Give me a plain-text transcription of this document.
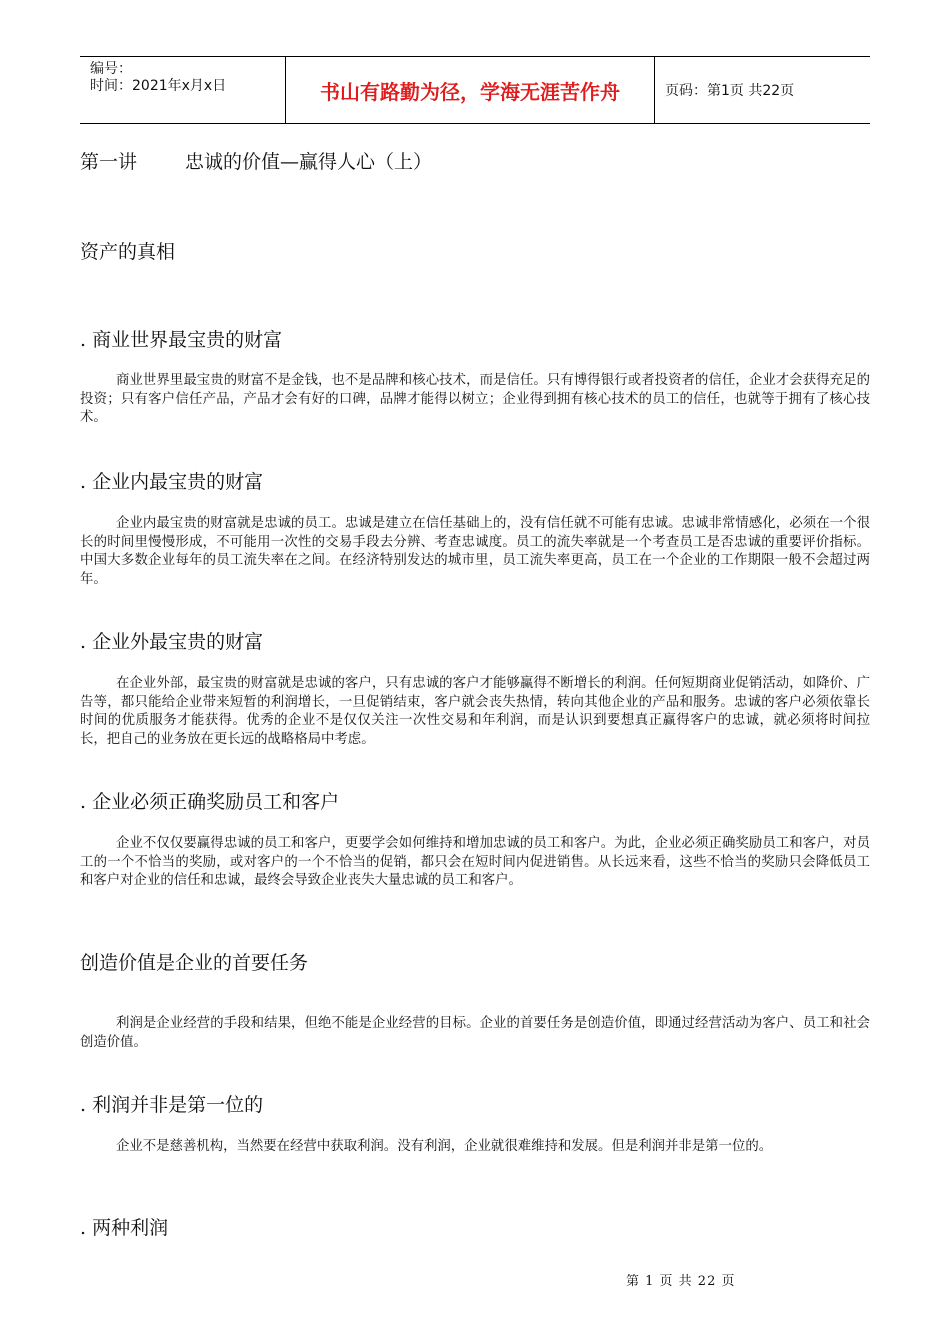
编号：
时间：2021年x月x日	书山有路勤为径，学海无涯苦作舟	页码：第1页 共22页
第一讲	忠诚的价值—赢得人心（上）
资产的真相
. 商业世界最宝贵的财富

商业世界里最宝贵的财富不是金钱，也不是品牌和核心技术，而是信任。只有博得银行或者投资者的信任，企业才会获得充足的投资；只有客户信任产品，产品才会有好的口碑，品牌才能得以树立；企业得到拥有核心技术的员工的信任，也就等于拥有了核心技术。

. 企业内最宝贵的财富

企业内最宝贵的财富就是忠诚的员工。忠诚是建立在信任基础上的，没有信任就不可能有忠诚。忠诚非常情感化，必须在一个很长的时间里慢慢形成，不可能用一次性的交易手段去分辨、考查忠诚度。员工的流失率就是一个考查员工是否忠诚的重要评价指标。中国大多数企业每年的员工流失率在之间。在经济特别发达的城市里，员工流失率更高，员工在一个企业的工作期限一般不会超过两年。

. 企业外最宝贵的财富

在企业外部，最宝贵的财富就是忠诚的客户，只有忠诚的客户才能够赢得不断增长的利润。任何短期商业促销活动，如降价、广告等，都只能给企业带来短暂的利润增长，一旦促销结束，客户就会丧失热情，转向其他企业的产品和服务。忠诚的客户必须依靠长时间的优质服务才能获得。优秀的企业不是仅仅关注一次性交易和年利润，而是认识到要想真正赢得客户的忠诚，就必须将时间拉长，把自己的业务放在更长远的战略格局中考虑。

. 企业必须正确奖励员工和客户

企业不仅仅要赢得忠诚的员工和客户，更要学会如何维持和增加忠诚的员工和客户。为此，企业必须正确奖励员工和客户，对员工的一个不恰当的奖励，或对客户的一个不恰当的促销，都只会在短时间内促进销售。从长远来看，这些不恰当的奖励只会降低员工和客户对企业的信任和忠诚，最终会导致企业丧失大量忠诚的员工和客户。

创造价值是企业的首要任务

利润是企业经营的手段和结果，但绝不能是企业经营的目标。企业的首要任务是创造价值，即通过经营活动为客户、员工和社会创造价值。

. 利润并非是第一位的

企业不是慈善机构，当然要在经营中获取利润。没有利润，企业就很难维持和发展。但是利润并非是第一位的。

. 两种利润
第 1 页 共 22 页
